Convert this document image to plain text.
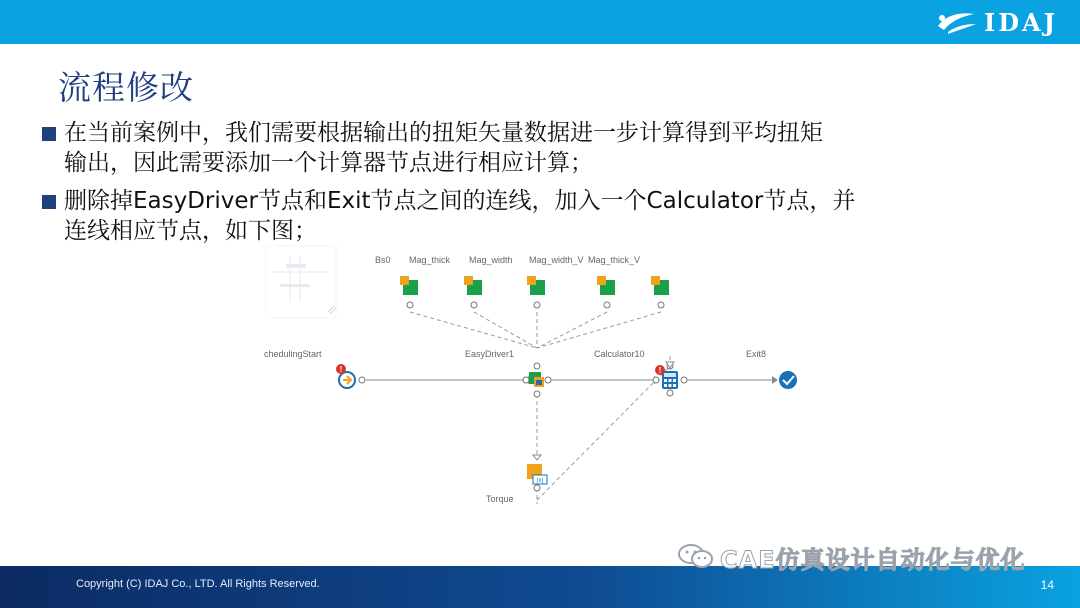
IDAJ
流程修改
在当前案例中，我们需要根据输出的扭矩矢量数据进一步计算得到平均扭矩
输出，因此需要添加一个计算器节点进行相应计算；
删除掉EasyDriver节点和Exit节点之间的连线，加入一个Calculator节点，并
连线相应节点，如下图；
Bs0 Mag_thick Mag_width Mag_width_V Mag_thick_V
chedulingStart	EasyDriver1	Calculator10	Exit8
Torque
!	!
(x)
Copyright (C) IDAJ Co., LTD. All Rights Reserved.	14
CAE仿真设计自动化与优化
